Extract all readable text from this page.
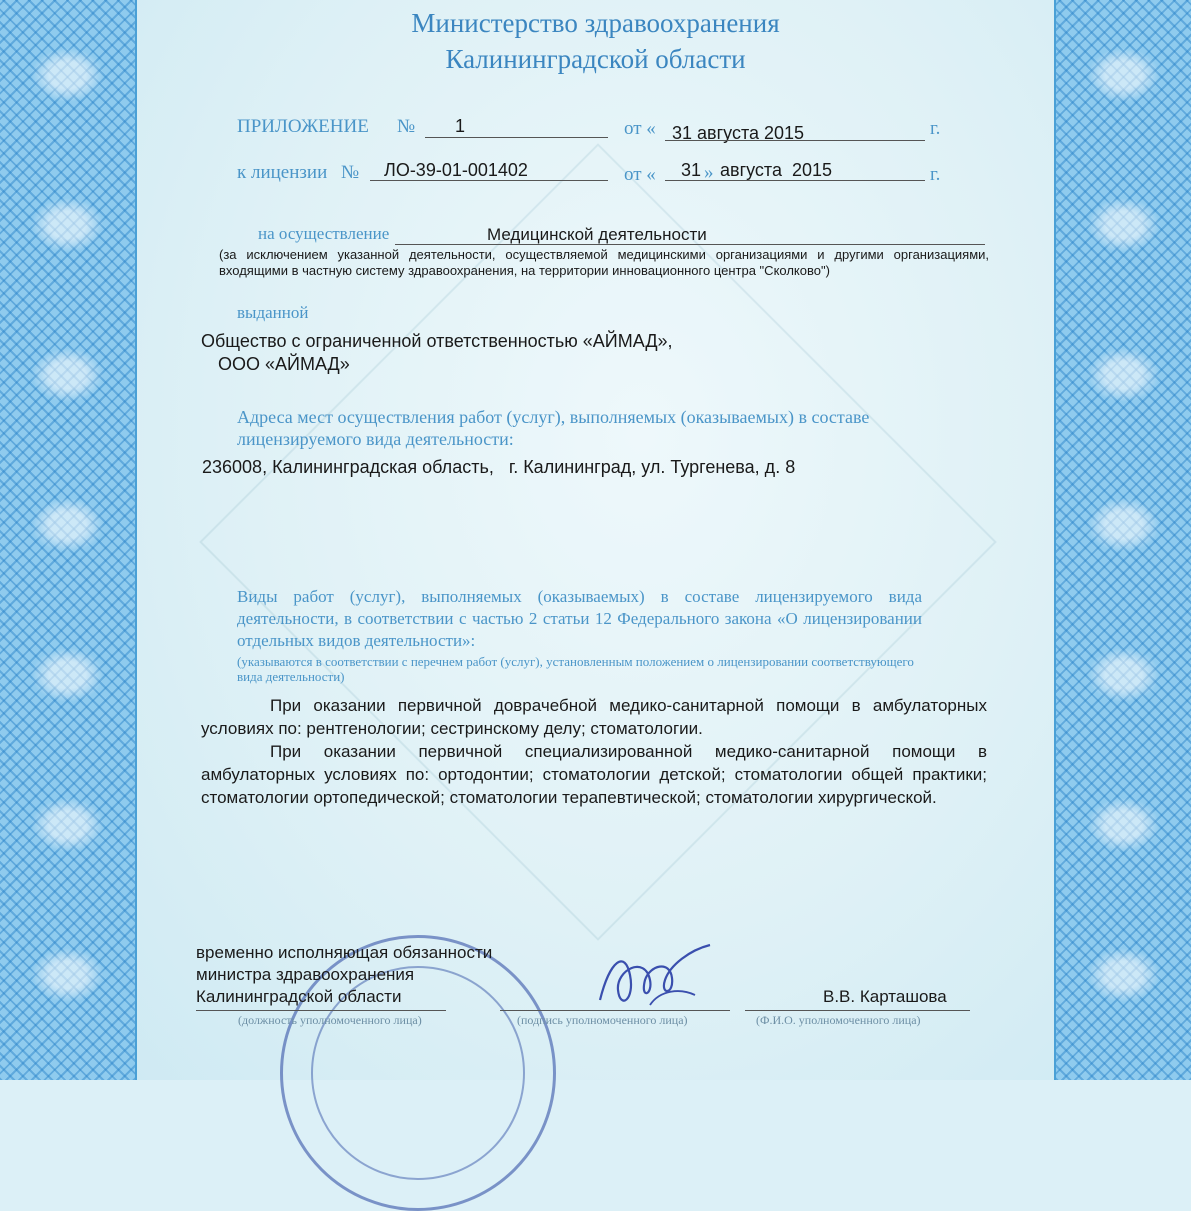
Министерство здравоохранения
Калининградской области
ПРИЛОЖЕНИЕ № 1	от « 31 августа 2015	г.
к лицензии № ЛО-39-01-001402	от « 31 » августа  2015	г.
на осуществление	Медицинской деятельности
(за исключением указанной деятельности, осуществляемой медицинскими организациями и другими организациями, входящими в частную систему здравоохранения, на территории инновационного центра "Сколково")
выданной
Общество с ограниченной ответственностью «АЙМАД»,
ООО «АЙМАД»
Адреса мест осуществления работ (услуг), выполняемых (оказываемых) в составе лицензируемого вида деятельности:
236008, Калининградская область,   г. Калининград, ул. Тургенева, д. 8
Виды работ (услуг), выполняемых (оказываемых) в составе лицензируемого вида деятельности, в соответствии с частью 2 статьи 12 Федерального закона «О лицензировании отдельных видов деятельности»:
(указываются в соответствии с перечнем работ (услуг), установленным положением о лицензировании соответствующего вида деятельности)
При оказании первичной доврачебной медико-санитарной помощи в амбулаторных условиях по: рентгенологии; сестринскому делу; стоматологии.
При оказании первичной специализированной медико-санитарной помощи в амбулаторных условиях по: ортодонтии; стоматологии детской; стоматологии общей практики; стоматологии ортопедической; стоматологии терапевтической; стоматологии хирургической.
временно исполняющая обязанности
министра здравоохранения
Калининградской области	В.В. Карташова
(должность уполномоченного лица)	(подпись уполномоченного лица)	(Ф.И.О. уполномоченного лица)
